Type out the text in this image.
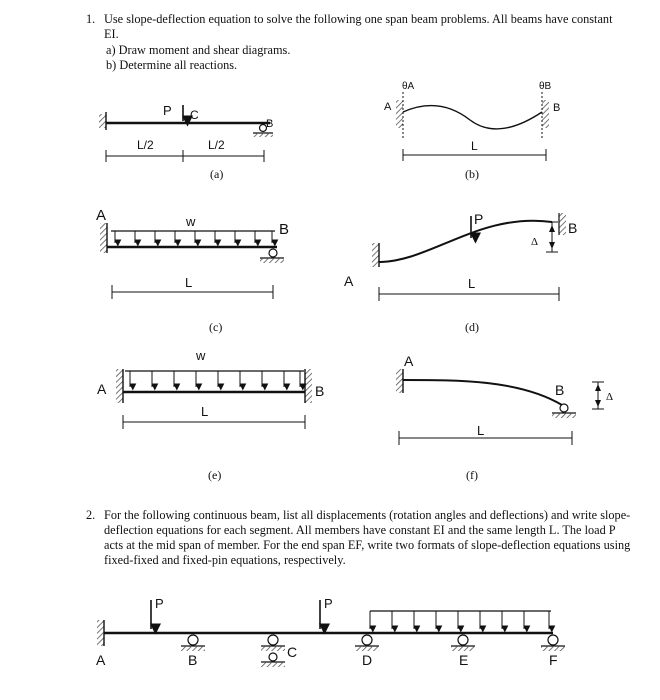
1. Use slope-deflection equation to solve the following one span beam problems. All beams have constant EI.
a) Draw moment and shear diagrams.
b) Determine all reactions.
2. For the following continuous beam, list all displacements (rotation angles and deflections) and write slope-deflection equations for each segment. All members have constant EI and the same length L. The load P acts at the mid span of member. For the end span EF, write two formats of slope-deflection equations using fixed-fixed and fixed-pin equations, respectively.
P C
B
L/2	L/2
(a)
θA	θB
A	B
L
(b)
A	w	B
L
(c)
P
B
A
Δ
L
(d)
A
w
B
L
(e)
A
B	Δ
L
(f)
P	P
A	B	C	D	E	F
